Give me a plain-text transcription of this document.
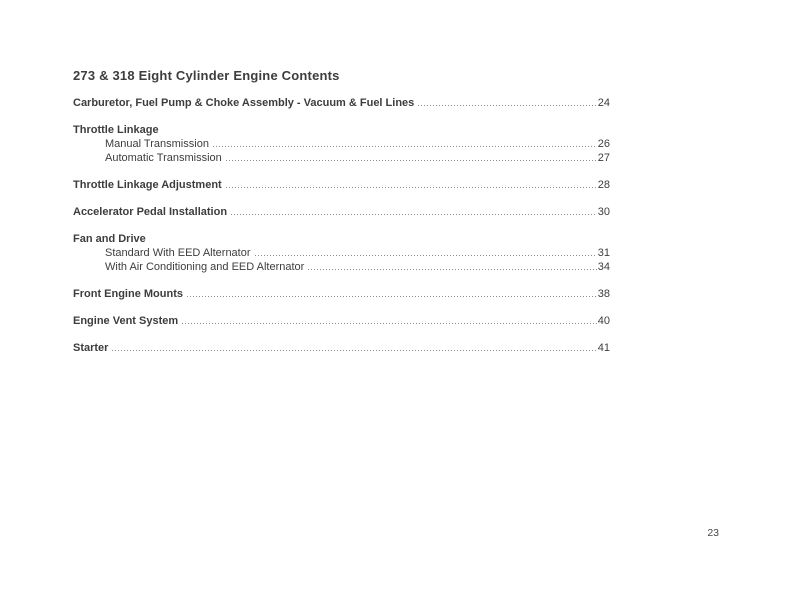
273 & 318 Eight Cylinder Engine Contents
Carburetor, Fuel Pump & Choke Assembly - Vacuum & Fuel Lines	24
Throttle Linkage
Manual Transmission	26
Automatic Transmission	27
Throttle Linkage Adjustment	28
Accelerator Pedal Installation	30
Fan and Drive
Standard With EED Alternator	31
With Air Conditioning and EED Alternator	34
Front Engine Mounts	38
Engine Vent System	40
Starter	41
23
